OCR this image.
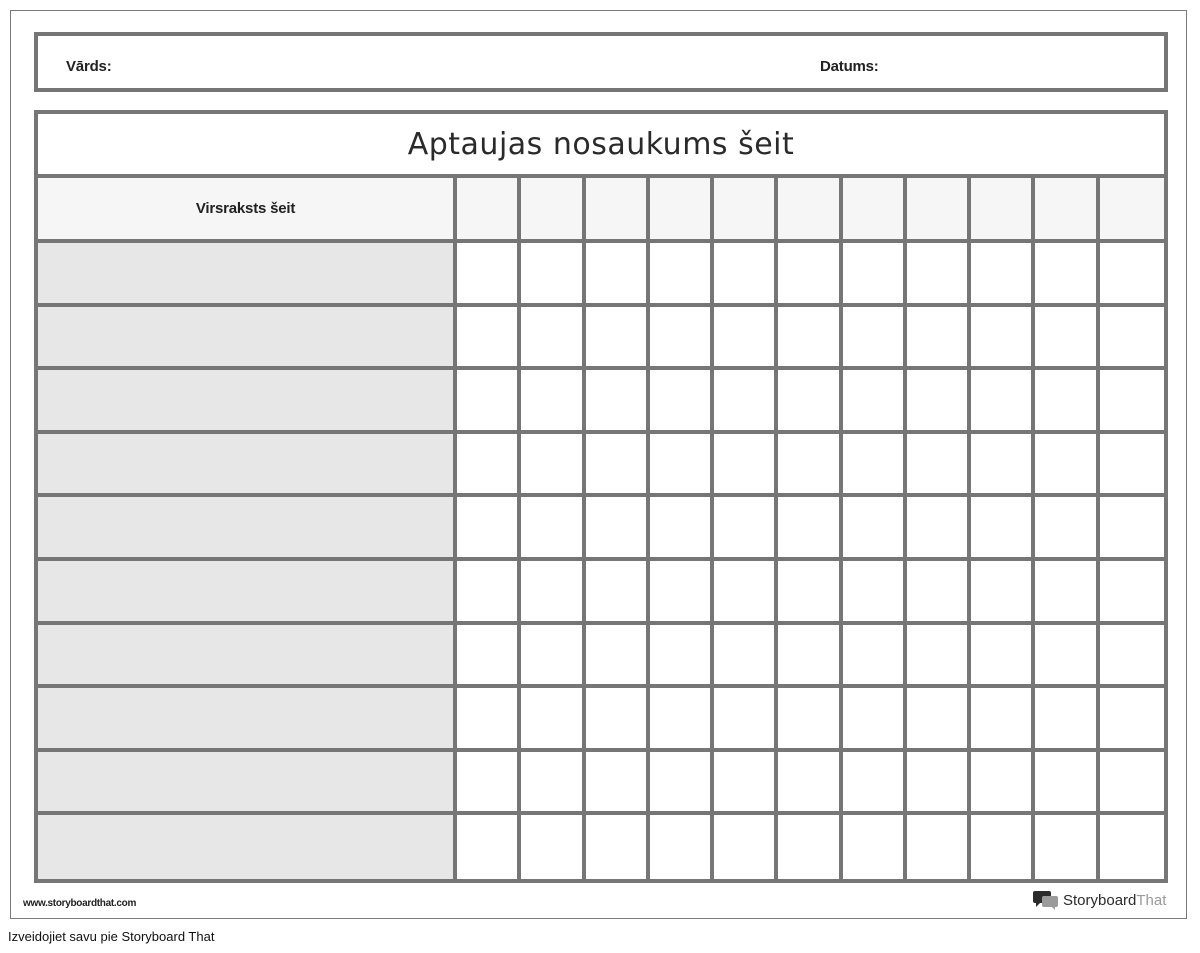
Vārds:	Datums:
Aptaujas nosaukums šeit
Virsraksts šeit
www.storyboardthat.com	Storyboard That
Izveidojiet savu pie Storyboard That
